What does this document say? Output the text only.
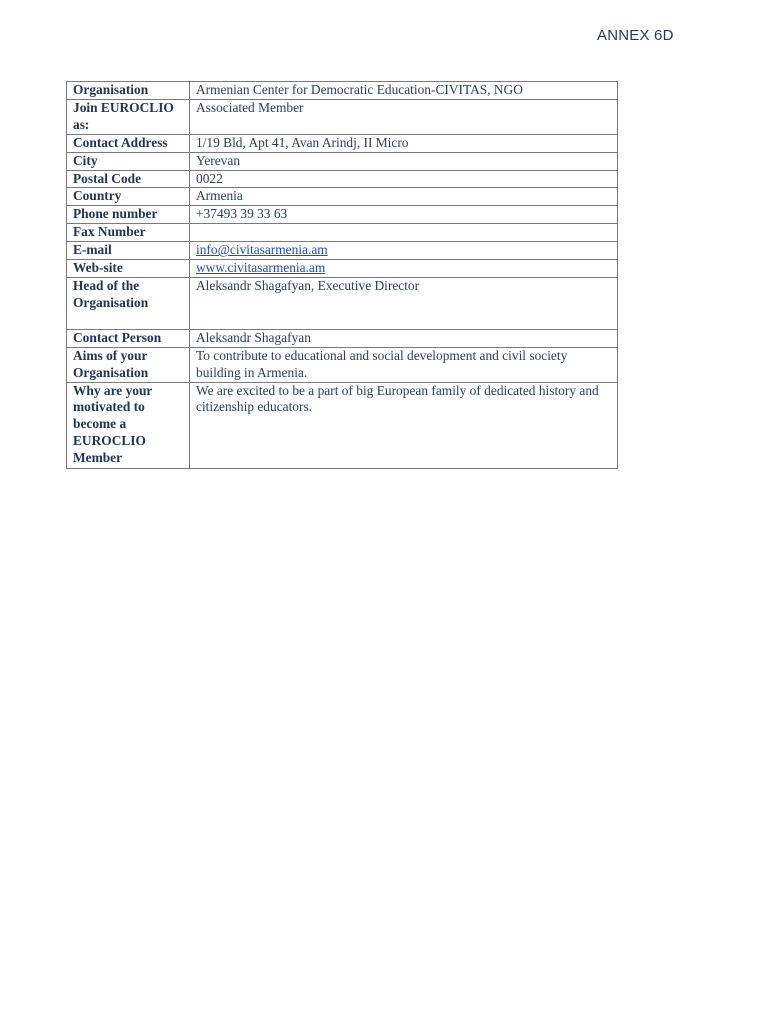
ANNEX 6D
Organisation	Armenian Center for Democratic Education-CIVITAS, NGO
Join EUROCLIO as:	Associated Member
Contact Address	1/19 Bld, Apt 41, Avan Arindj, II Micro
City	Yerevan
Postal Code	0022
Country	Armenia
Phone number	+37493 39 33 63
Fax Number	
E-mail	info@civitasarmenia.am
Web-site	www.civitasarmenia.am
Head of the Organisation	Aleksandr Shagafyan, Executive Director
Contact Person	Aleksandr Shagafyan
Aims of your Organisation	To contribute to educational and social development and civil society building in Armenia.
Why are your motivated to become a EUROCLIO Member	We are excited to be a part of big European family of dedicated history and citizenship educators.
